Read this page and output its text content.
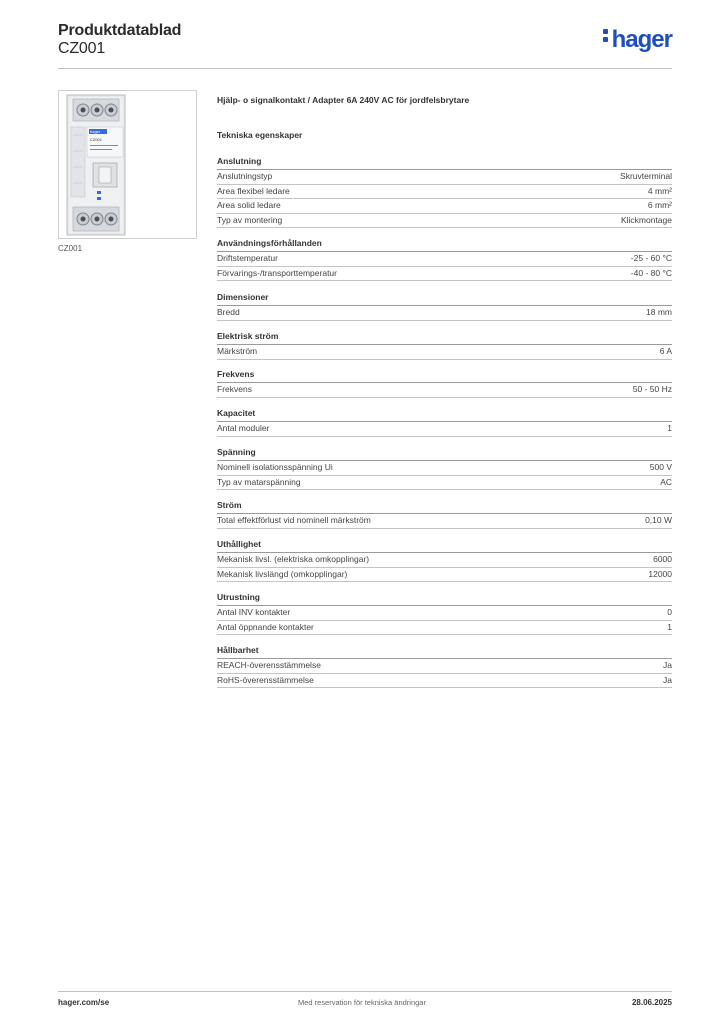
Produktdatablad
CZ001	hager
hager
CZ001
CZ001
Hjälp- o signalkontakt / Adapter 6A 240V AC för jordfelsbrytare
Tekniska egenskaper
Anslutning
Anslutningstyp	Skruvterminal
Area flexibel ledare	4 mm²
Area solid ledare	6 mm²
Typ av montering	Klickmontage
Användningsförhållanden
Driftstemperatur	-25 - 60 °C
Förvarings-/transporttemperatur	-40 - 80 °C
Dimensioner
Bredd	18 mm
Elektrisk ström
Märkström	6 A
Frekvens
Frekvens	50 - 50 Hz
Kapacitet
Antal moduler	1
Spänning
Nominell isolationsspänning Ui	500 V
Typ av matarspänning	AC
Ström
Total effektförlust vid nominell märkström	0,10 W
Uthållighet
Mekanisk livsl. (elektriska omkopplingar)	6000
Mekanisk livslängd (omkopplingar)	12000
Utrustning
Antal INV kontakter	0
Antal öppnande kontakter	1
Hållbarhet
REACH-överensstämmelse	Ja
RoHS-överensstämmelse	Ja
hager.com/se	Med reservation för tekniska ändringar	28.06.2025
